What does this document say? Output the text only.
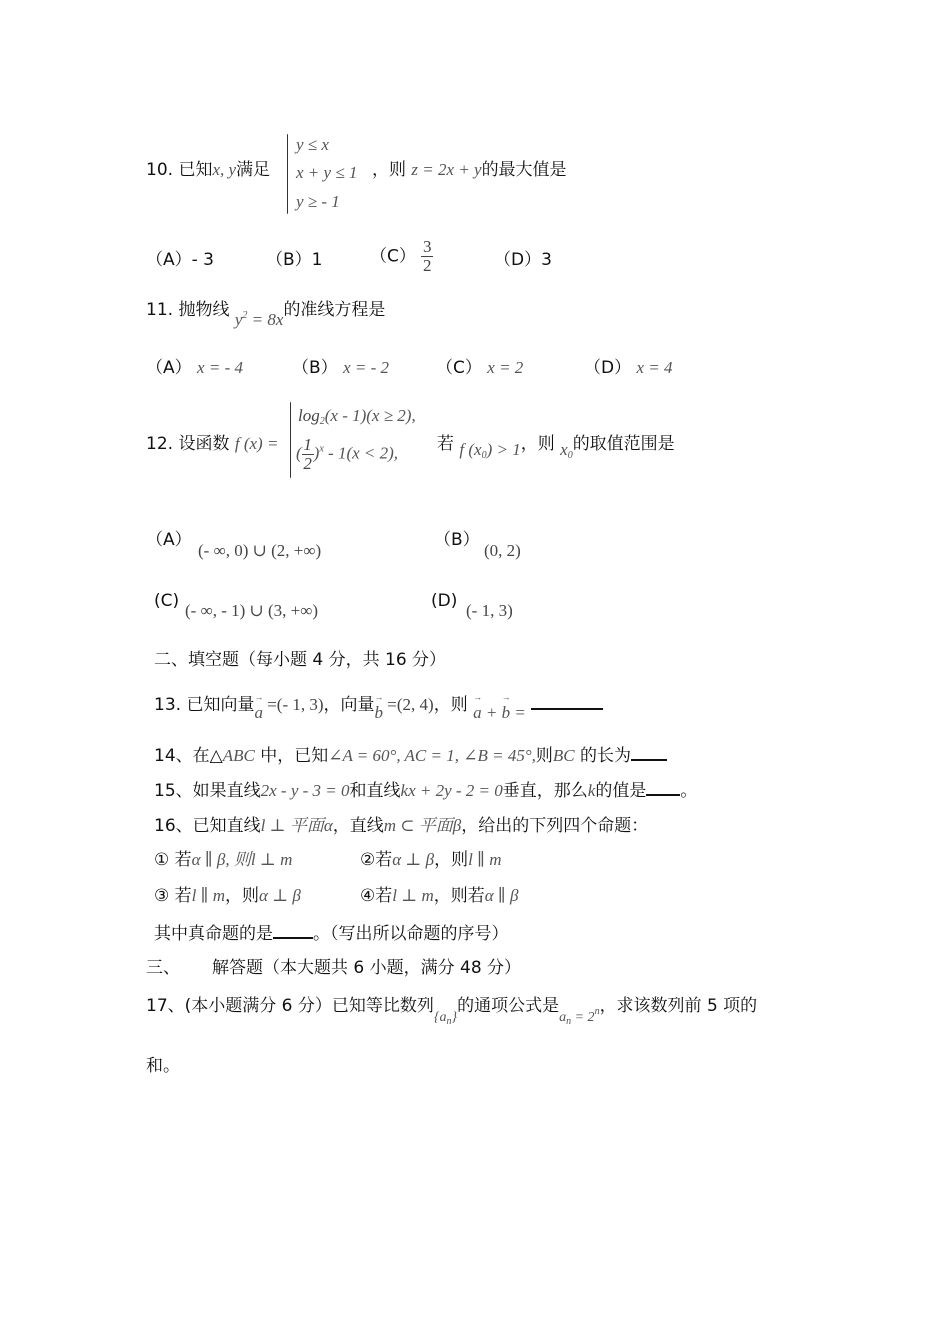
10. 已知x, y满足
y ≤ x
x + y ≤ 1
y ≥ - 1
，则 z = 2x + y的最大值是
（A）- 3	（B）1	$(C) \frac{3}{2}$	（D）3
11. 抛物线 $y^2 = 8x$的准线方程是
（A） x = - 4	（B） x = - 2	（C） x = 2	（D） x = 4
12. 设函数 f (x) =
$\log_2(x - 1)(x \ge 2)$,
( $\frac{1}{2} )^x - 1(x < 2)$, 若 f $(x_0) > 1$，则 $x_0$的取值范围是
（A）
(- ∞, 0) ∪ (2, +∞)
（B）
(0, 2)
(C) (- ∞, - 1) ∪ (3, +∞)	(D) (- 1, 3)
二、填空题（每小题 4 分，共 16 分）
13. 已知向量→ a =(- 1, 3)，向量→ b =(2, 4)，则 → a + → b =
14、在△ABC 中，已知∠A = 60°, AC = 1, ∠B = 45°,则BC 的长为
15、如果直线2x - y - 3 = 0和直线kx + 2y - 2 = 0垂直，那么k的值是 。
16、已知直线l ⊥ 平面α，直线m ⊂ 平面β，给出的下列四个命题：
① 若α ∥ β, 则l ⊥ m	②若α ⊥ β，则l ∥ m
③ 若l ∥ m，则α ⊥ β	④若l ⊥ m，则若α ∥ β
其中真命题的是 。（写出所以命题的序号）
三、 解答题（本大题共 6 小题，满分 48 分）
17、(本小题满分 6 分）已知等比数列$_{\{a_n\}}$的通项公式是$_{a_n = 2^n}$，求该数列前 5 项的
和。
